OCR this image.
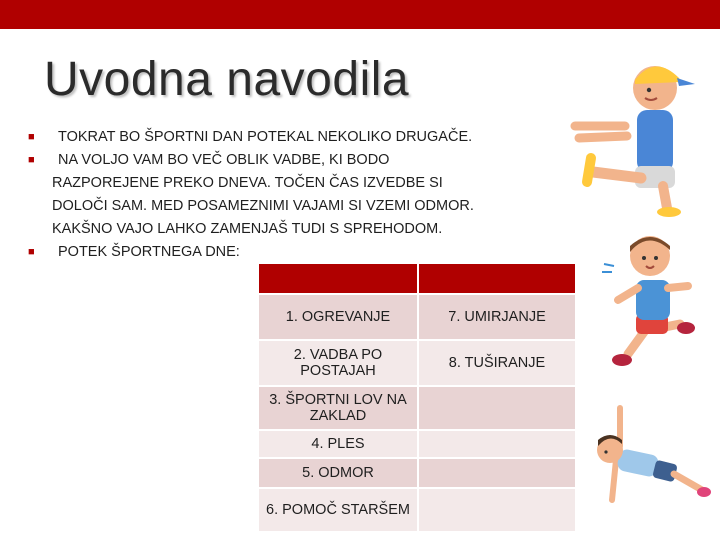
Uvodna navodila
■ TOKRAT BO ŠPORTNI DAN POTEKAL NEKOLIKO DRUGAČE.
■ NA VOLJO VAM BO VEČ OBLIK VADBE, KI BODO
RAZPOREJENE PREKO DNEVA. TOČEN ČAS IZVEDBE SI
DOLOČI SAM. MED POSAMEZNIMI VAJAMI SI VZEMI ODMOR.
KAKŠNO VAJO LAHKO ZAMENJAŠ TUDI S SPREHODOM.
■ POTEK ŠPORTNEGA DNE:

1. OGREVANJE	7. UMIRJANJE
2. VADBA PO POSTAJAH	8. TUŠIRANJE
3. ŠPORTNI LOV NA ZAKLAD	
4. PLES	
5. ODMOR	
6. POMOČ STARŠEM	
